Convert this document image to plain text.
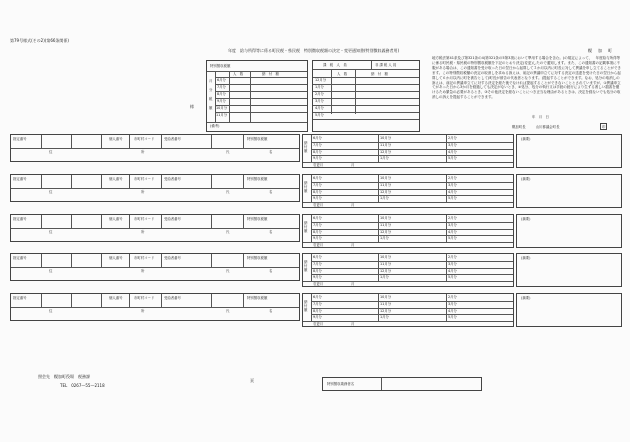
第79号様式(その2)(第66条関係)
幌　加　町
年度　給与所得等に係る町民税・県民税　特別徴収税額の決定・変更通知書(特別徴収義務者用)
特別徴収税額
人　数	納　付　額
月
分
税
額
6月分
7月分
8月分
9月分
10月分
11月分
(備考)
様
課　税　人　員	非 課 税 人 員
人　数	納　付　額
12月分
1月分
2月分
3月分
4月分
5月分
地方税法第41条及び第321条の4(第321条の5第3項において準用する場合を含む。)の規定によって、　年度給与所得等に係る町民税・県民税の特別徴収税額を下記のとおり決定(変更)したので通知します。また、この通知書の記載事項に不服がある場合は、この通知書を受け取った日の翌日から起算して３か月以内に町長に対して異議を申し立てることができます。この特別徴収税額の決定の取消しを求める訴えは、前記の異議申立てに対する決定の送達を受けた日の翌日から起算して６か月以内に町を被告として(町長が被告の代表者となります。)提起することができます。なお、処分の取消しの訴えは、前記の異議申立てに対する決定を経た後でなければ提起することができないこととされていますが、①異議申立てがあった日から3か月を経過しても決定がないとき、②処分、処分の執行又は手続の続行により生ずる著しい損害を避けるため緊急の必要があるとき、③その他決定を経ないことにつき正当な理由があるときは、決定を経ないでも処分の取消しの訴えを提起することができます。
年　月　日
幌加町長　　　山川都議会町長	印
指定番号	個人番号	市町村コード	受給者番号	特別徴収税額
住	所	氏	名
納付額
6月分
7月分
8月分
9月分
10月分
11月分
12月分
1月分
2月分
3月分
4月分
5月分
変更月	月
(摘要)
指定番号	個人番号	市町村コード	受給者番号	特別徴収税額
住	所	氏	名
納付額
6月分
7月分
8月分
9月分
10月分
11月分
12月分
1月分
2月分
3月分
4月分
5月分
変更月	月
(摘要)
指定番号	個人番号	市町村コード	受給者番号	特別徴収税額
住	所	氏	名
納付額
6月分
7月分
8月分
9月分
10月分
11月分
12月分
1月分
2月分
3月分
4月分
5月分
変更月	月
(摘要)
指定番号	個人番号	市町村コード	受給者番号	特別徴収税額
住	所	氏	名
納付額
6月分
7月分
8月分
9月分
10月分
11月分
12月分
1月分
2月分
3月分
4月分
5月分
変更月	月
(摘要)
指定番号	個人番号	市町村コード	受給者番号	特別徴収税額
住	所	氏	名
納付額
6月分
7月分
8月分
9月分
10月分
11月分
12月分
1月分
2月分
3月分
4月分
5月分
変更月	月
(摘要)
照会先　幌加町役場　税務課
TEL　0267—55—2118
頁
特別徴収義務者名
